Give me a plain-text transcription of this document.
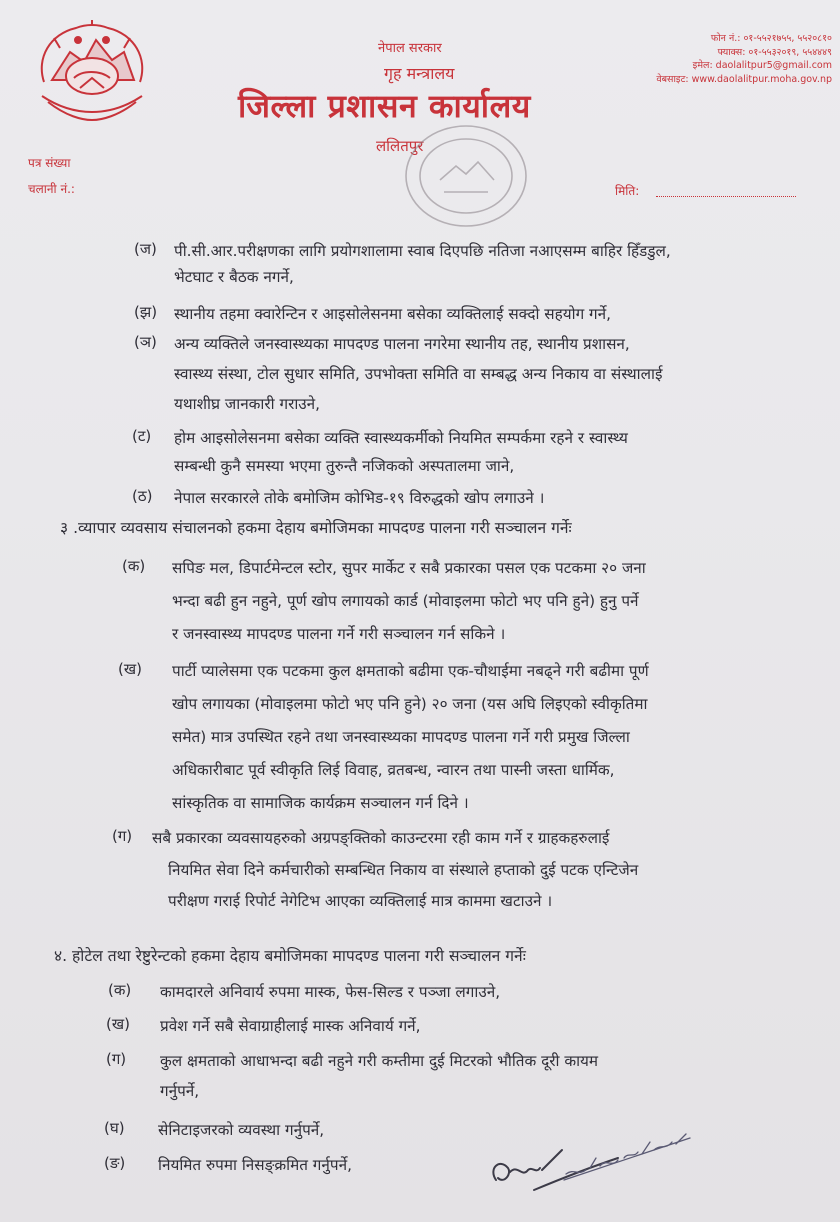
नेपाल सरकार
गृह मन्त्रालय
जिल्ला प्रशासन कार्यालय
ललितपुर
फोन नं.: ०१-५५२१७५५, ५५२०८१०
फ्याक्स: ०१-५५३२०१९, ५५४४४९
इमेल: daolalitpur5@gmail.com
वेबसाइट: www.daolalitpur.moha.gov.np
पत्र संख्या
चलानी नं.:	मिति:
(ज) पी.सी.आर.परीक्षणका लागि प्रयोगशालामा स्वाब दिएपछि नतिजा नआएसम्म बाहिर हिँडडुल,
भेटघाट र बैठक नगर्ने,
(झ) स्थानीय तहमा क्वारेन्टिन र आइसोलेसनमा बसेका व्यक्तिलाई सक्दो सहयोग गर्ने,
(ञ) अन्य व्यक्तिले जनस्वास्थ्यका मापदण्ड पालना नगरेमा स्थानीय तह, स्थानीय प्रशासन,
स्वास्थ्य संस्था, टोल सुधार समिति, उपभोक्ता समिति वा सम्बद्ध अन्य निकाय वा संस्थालाई
यथाशीघ्र जानकारी गराउने,
(ट) होम आइसोलेसनमा बसेका व्यक्ति स्वास्थ्यकर्मीको नियमित सम्पर्कमा रहने र स्वास्थ्य
सम्बन्धी कुनै समस्या भएमा तुरुन्तै नजिकको अस्पतालमा जाने,
(ठ) नेपाल सरकारले तोके बमोजिम कोभिड-१९ विरुद्धको खोप लगाउने ।
३ .व्यापार व्यवसाय संचालनको हकमा देहाय बमोजिमका मापदण्ड पालना गरी सञ्चालन गर्नेः
(क) सपिङ मल, डिपार्टमेन्टल स्टोर, सुपर मार्केट र सबै प्रकारका पसल एक पटकमा २० जना
भन्दा बढी हुन नहुने, पूर्ण खोप लगायको कार्ड (मोवाइलमा फोटो भए पनि हुने) हुनु पर्ने
र जनस्वास्थ्य मापदण्ड पालना गर्ने गरी सञ्चालन गर्न सकिने ।
(ख) पार्टी प्यालेसमा एक पटकमा कुल क्षमताको बढीमा एक-चौथाईमा नबढ्ने गरी बढीमा पूर्ण
खोप लगायका (मोवाइलमा फोटो भए पनि हुने) २० जना (यस अघि लिइएको स्वीकृतिमा
समेत) मात्र उपस्थित रहने तथा जनस्वास्थ्यका मापदण्ड पालना गर्ने गरी प्रमुख जिल्ला
अधिकारीबाट पूर्व स्वीकृति लिई विवाह, व्रतबन्ध, न्वारन तथा पास्नी जस्ता धार्मिक,
सांस्कृतिक वा सामाजिक कार्यक्रम सञ्चालन गर्न दिने ।
(ग) सबै प्रकारका व्यवसायहरुको अग्रपङ्क्तिको काउन्टरमा रही काम गर्ने र ग्राहकहरुलाई
नियमित सेवा दिने कर्मचारीको सम्बन्धित निकाय वा संस्थाले हप्ताको दुई पटक एन्टिजेन
परीक्षण गराई रिपोर्ट नेगेटिभ आएका व्यक्तिलाई मात्र काममा खटाउने ।
४. होटेल तथा रेष्टुरेन्टको हकमा देहाय बमोजिमका मापदण्ड पालना गरी सञ्चालन गर्नेः
(क) कामदारले अनिवार्य रुपमा मास्क, फेस-सिल्ड र पञ्जा लगाउने,
(ख) प्रवेश गर्ने सबै सेवाग्राहीलाई मास्क अनिवार्य गर्ने,
(ग) कुल क्षमताको आधाभन्दा बढी नहुने गरी कम्तीमा दुई मिटरको भौतिक दूरी कायम
गर्नुपर्ने,
(घ) सेनिटाइजरको व्यवस्था गर्नुपर्ने,
(ङ) नियमित रुपमा निसङ्क्रमित गर्नुपर्ने,
